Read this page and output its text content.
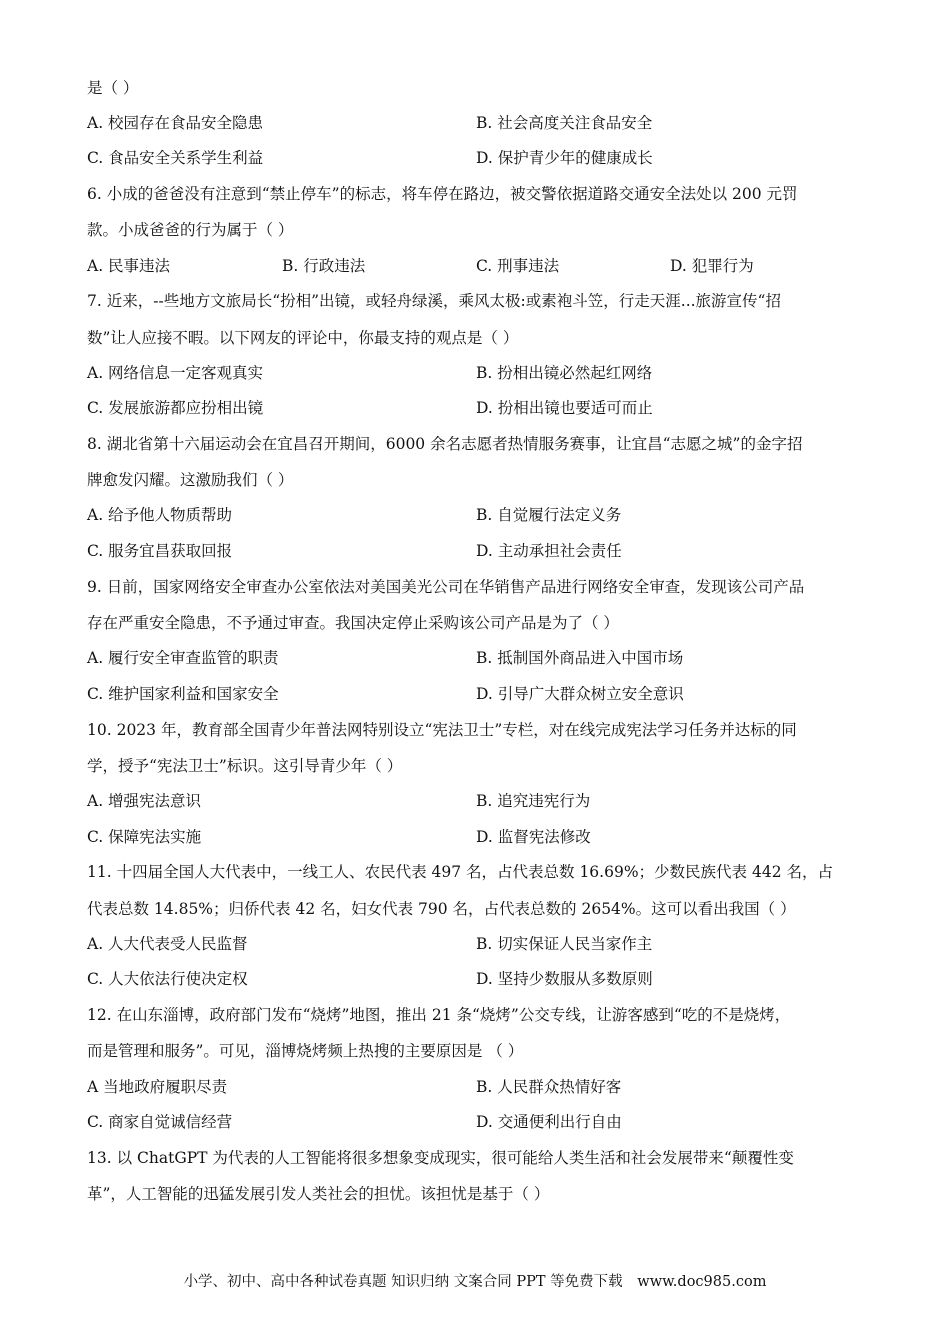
是（ ）
A. 校园存在食品安全隐患	B. 社会高度关注食品安全
C. 食品安全关系学生利益	D. 保护青少年的健康成长
6. 小成的爸爸没有注意到“禁止停车”的标志，将车停在路边，被交警依据道路交通安全法处以 200 元罚
款。小成爸爸的行为属于（ ）
A. 民事违法	B. 行政违法	C. 刑事违法	D. 犯罪行为
7. 近来，--些地方文旅局长“扮相”出镜，或轻舟绿溪，乘风太极:或素袍斗笠，行走天涯...旅游宣传“招
数”让人应接不暇。以下网友的评论中，你最支持的观点是（ ）
A. 网络信息一定客观真实	B. 扮相出镜必然起红网络
C. 发展旅游都应扮相出镜	D. 扮相出镜也要适可而止
8. 湖北省第十六届运动会在宜昌召开期间，6000 余名志愿者热情服务赛事，让宜昌“志愿之城”的金字招
牌愈发闪耀。这激励我们（ ）
A. 给予他人物质帮助	B. 自觉履行法定义务
C. 服务宜昌获取回报	D. 主动承担社会责任
9. 日前，国家网络安全审查办公室依法对美国美光公司在华销售产品进行网络安全审查，发现该公司产品
存在严重安全隐患，不予通过审查。我国决定停止采购该公司产品是为了（ ）
A. 履行安全审查监管的职责	B. 抵制国外商品进入中国市场
C. 维护国家利益和国家安全	D. 引导广大群众树立安全意识
10. 2023 年，教育部全国青少年普法网特别设立“宪法卫士”专栏，对在线完成宪法学习任务并达标的同
学，授予“宪法卫士”标识。这引导青少年（ ）
A. 增强宪法意识	B. 追究违宪行为
C. 保障宪法实施	D. 监督宪法修改
11. 十四届全国人大代表中，一线工人、农民代表 497 名，占代表总数 16.69%；少数民族代表 442 名，占
代表总数 14.85%；归侨代表 42 名，妇女代表 790 名，占代表总数的 2654%。这可以看出我国（ ）
A. 人大代表受人民监督	B. 切实保证人民当家作主
C. 人大依法行使决定权	D. 坚持少数服从多数原则
12. 在山东淄博，政府部门发布“烧烤”地图，推出 21 条“烧烤”公交专线，让游客感到“吃的不是烧烤，
而是管理和服务”。可见，淄博烧烤频上热搜的主要原因是 （ ）
A 当地政府履职尽责	B. 人民群众热情好客
C. 商家自觉诚信经营	D. 交通便利出行自由
13. 以 ChatGPT 为代表的人工智能将很多想象变成现实，很可能给人类生活和社会发展带来“颠覆性变
革”，人工智能的迅猛发展引发人类社会的担忧。该担忧是基于（ ）
小学、初中、高中各种试卷真题 知识归纳 文案合同 PPT 等免费下载 www.doc985.com
